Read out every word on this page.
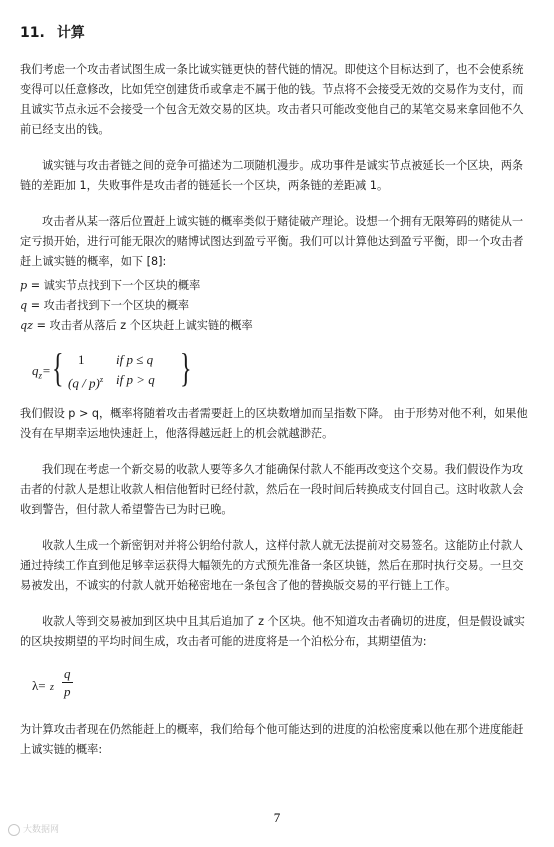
11. 计算

我们考虑一个攻击者试图生成一条比诚实链更快的替代链的情况。即使这个目标达到了，也不会使系统变得可以任意修改，比如凭空创建货币或拿走不属于他的钱。节点将不会接受无效的交易作为支付，而且诚实节点永远不会接受一个包含无效交易的区块。攻击者只可能改变他自己的某笔交易来拿回他不久前已经支出的钱。

诚实链与攻击者链之间的竞争可描述为二项随机漫步。成功事件是诚实节点被延长一个区块，两条链的差距加 1，失败事件是攻击者的链延长一个区块，两条链的差距减 1。

攻击者从某一落后位置赶上诚实链的概率类似于赌徒破产理论。设想一个拥有无限筹码的赌徒从一定亏损开始，进行可能无限次的赌博试图达到盈亏平衡。我们可以计算他达到盈亏平衡，即一个攻击者赶上诚实链的概率，如下 [8]:

p = 诚实节点找到下一个区块的概率
q = 攻击者找到下一个区块的概率
qz = 攻击者从落后 z 个区块赶上诚实链的概率
$q_z=$ { 1 if p ≤ q
(q / p)$^z$ if p > q }

我们假设 p > q，概率将随着攻击者需要赶上的区块数增加而呈指数下降。 由于形势对他不利，如果他没有在早期幸运地快速赶上，他落得越远赶上的机会就越渺茫。

我们现在考虑一个新交易的收款人要等多久才能确保付款人不能再改变这个交易。我们假设作为攻击者的付款人是想让收款人相信他暂时已经付款，然后在一段时间后转换成支付回自己。这时收款人会收到警告，但付款人希望警告已为时已晚。

收款人生成一个新密钥对并将公钥给付款人，这样付款人就无法提前对交易签名。这能防止付款人通过持续工作直到他足够幸运获得大幅领先的方式预先准备一条区块链，然后在那时执行交易。一旦交易被发出，不诚实的付款人就开始秘密地在一条包含了他的替换版交易的平行链上工作。

收款人等到交易被加到区块中且其后追加了 z 个区块。他不知道攻击者确切的进度，但是假设诚实的区块按期望的平均时间生成，攻击者可能的进度将是一个泊松分布，其期望值为:

λ= z $\frac{q}{p}$

为计算攻击者现在仍然能赶上的概率，我们给每个他可能达到的进度的泊松密度乘以他在那个进度能赶上诚实链的概率:

7
大数据网
